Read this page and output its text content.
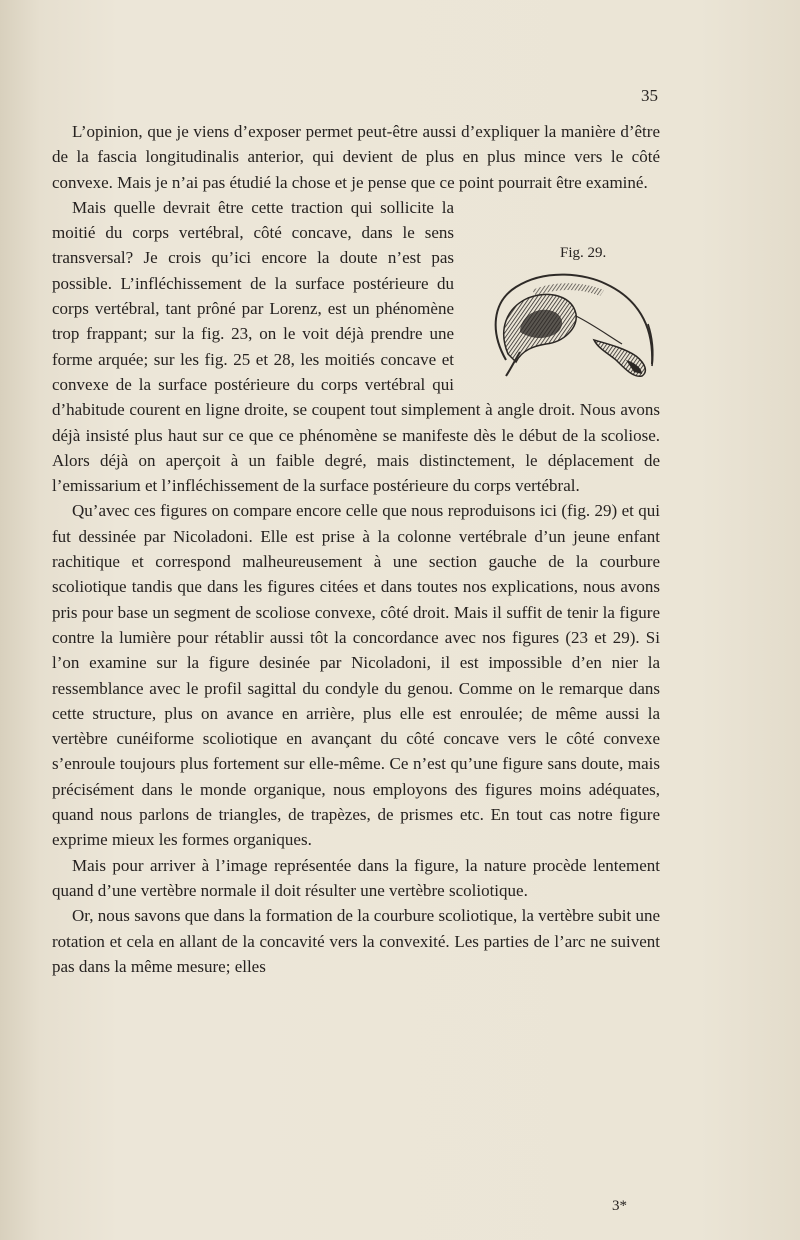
35
Fig. 29.

L’opinion, que je viens d’exposer permet peut-être aussi d’expliquer la manière d’être de la fascia longitudinalis anterior, qui devient de plus en plus mince vers le côté convexe. Mais je n’ai pas étudié la chose et je pense que ce point pourrait être examiné.

Mais quelle devrait être cette traction qui sollicite la moitié du corps vertébral, côté concave, dans le sens transversal? Je crois qu’ici encore la doute n’est pas possible. L’infléchissement de la surface postérieure du corps vertébral, tant prôné par Lorenz, est un phénomène trop frappant; sur la fig. 23, on le voit déjà prendre une forme arquée; sur les fig. 25 et 28, les moitiés concave et convexe de la surface postérieure du corps vertébral qui d’habitude courent en ligne droite, se coupent tout simplement à angle droit. Nous avons déjà insisté plus haut sur ce que ce phénomène se manifeste dès le début de la scoliose. Alors déjà on aperçoit à un faible degré, mais distinctement, le déplacement de l’emissarium et l’infléchissement de la surface postérieure du corps vertébral.

Qu’avec ces figures on compare encore celle que nous reproduisons ici (fig. 29) et qui fut dessinée par Nicoladoni. Elle est prise à la colonne vertébrale d’un jeune enfant rachitique et correspond malheureusement à une section gauche de la courbure scoliotique tandis que dans les figures citées et dans toutes nos explications, nous avons pris pour base un segment de scoliose convexe, côté droit. Mais il suffit de tenir la figure contre la lumière pour rétablir aussi tôt la concordance avec nos figures (23 et 29). Si l’on examine sur la figure desinée par Nicoladoni, il est impossible d’en nier la ressemblance avec le profil sagittal du condyle du genou. Comme on le remarque dans cette structure, plus on avance en arrière, plus elle est enroulée; de même aussi la vertèbre cunéiforme scoliotique en avançant du côté concave vers le côté convexe s’enroule toujours plus fortement sur elle-même. Ce n’est qu’une figure sans doute, mais précisément dans le monde organique, nous employons des figures moins adéquates, quand nous parlons de triangles, de trapèzes, de prismes etc. En tout cas notre figure exprime mieux les formes organiques.

Mais pour arriver à l’image représentée dans la figure, la nature procède lentement quand d’une vertèbre normale il doit résulter une vertèbre scoliotique.

Or, nous savons que dans la formation de la courbure scoliotique, la vertèbre subit une rotation et cela en allant de la concavité vers la convexité. Les parties de l’arc ne suivent pas dans la même mesure; elles

3*
